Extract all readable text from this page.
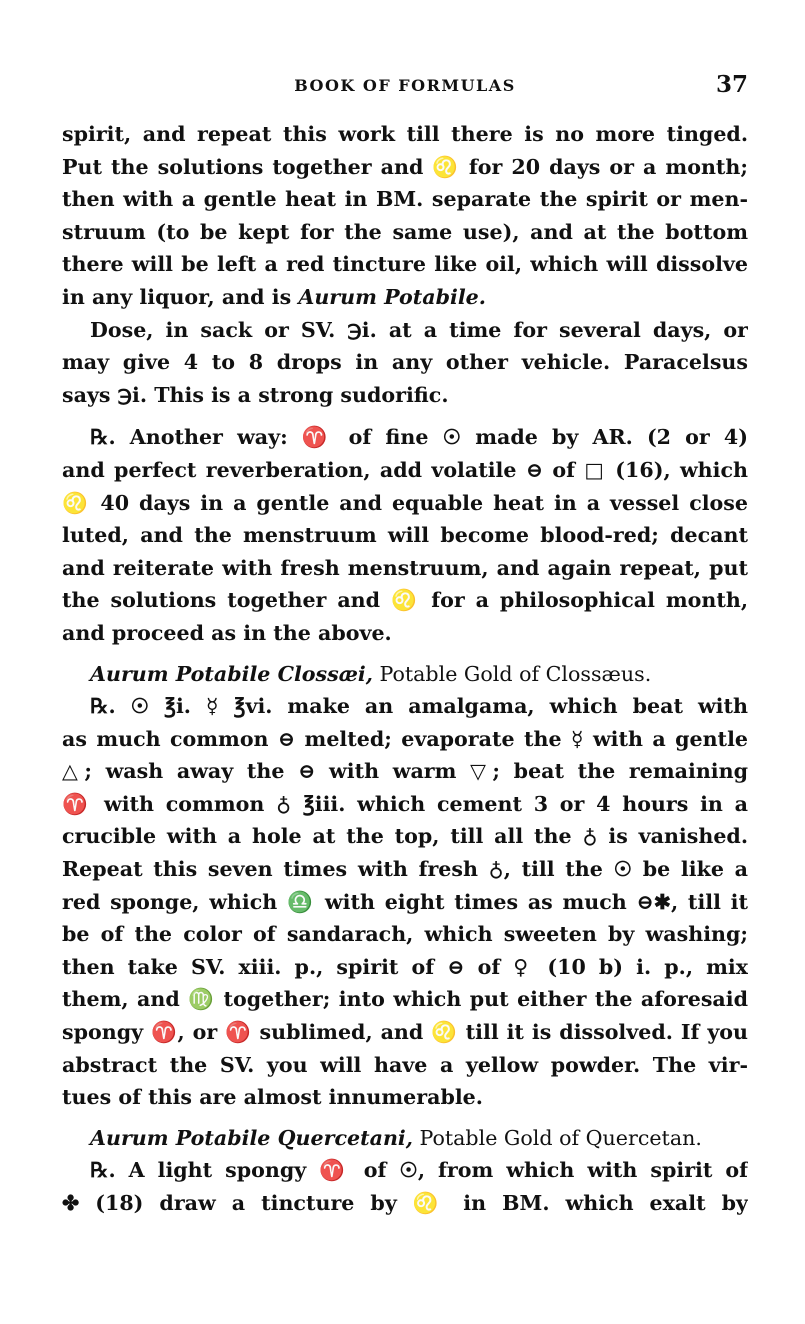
BOOK OF FORMULAS	37
spirit, and repeat this work till there is no more tinged.
Put the solutions together and ♌ for 20 days or a month;
then with a gentle heat in BM. separate the spirit or men-
struum (to be kept for the same use), and at the bottom
there will be left a red tincture like oil, which will dissolve
in any liquor, and is Aurum Potabile.
Dose, in sack or SV. ℈i. at a time for several days, or
may give 4 to 8 drops in any other vehicle. Paracelsus
says ℈i. This is a strong sudorific.
℞. Another way: ♈ of fine ☉ made by AR. (2 or 4)
and perfect reverberation, add volatile ⊖ of □ (16), which
♌ 40 days in a gentle and equable heat in a vessel close
luted, and the menstruum will become blood-red; decant
and reiterate with fresh menstruum, and again repeat, put
the solutions together and ♌ for a philosophical month,
and proceed as in the above.
Aurum Potabile Clossæi, Potable Gold of Clossæus.
℞. ☉ ℥i. ☿ ℥vi. make an amalgama, which beat with
as much common ⊖ melted; evaporate the ☿ with a gentle
△; wash away the ⊖ with warm ▽; beat the remaining
♈ with common ♁ ℥iii. which cement 3 or 4 hours in a
crucible with a hole at the top, till all the ♁ is vanished.
Repeat this seven times with fresh ♁, till the ☉ be like a
red sponge, which ♎ with eight times as much ⊖✱, till it
be of the color of sandarach, which sweeten by washing;
then take SV. xiii. p., spirit of ⊖ of ♀ (10 b) i. p., mix
them, and ♍ together; into which put either the aforesaid
spongy ♈, or ♈ sublimed, and ♌ till it is dissolved. If you
abstract the SV. you will have a yellow powder. The vir-
tues of this are almost innumerable.
Aurum Potabile Quercetani, Potable Gold of Quercetan.
℞. A light spongy ♈ of ☉, from which with spirit of
✤ (18) draw a tincture by ♌ in BM. which exalt by
